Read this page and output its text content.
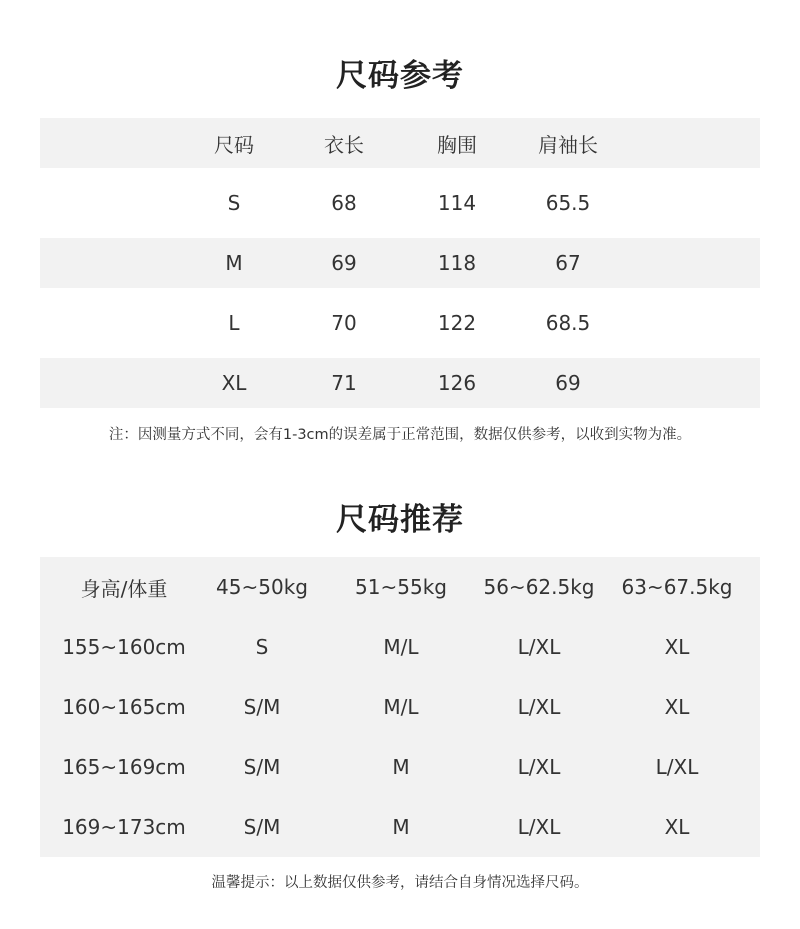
尺码参考
尺码	衣长	胸围	肩袖长
S	68	114	65.5
M	69	118	67
L	70	122	68.5
XL	71	126	69
注：因测量方式不同，会有1-3cm的误差属于正常范围，数据仅供参考，以收到实物为准。
尺码推荐
身高/体重	45~50kg	51~55kg	56~62.5kg	63~67.5kg
155~160cm	S	M/L	L/XL	XL
160~165cm	S/M	M/L	L/XL	XL
165~169cm	S/M	M	L/XL	L/XL
169~173cm	S/M	M	L/XL	XL
温馨提示：以上数据仅供参考，请结合自身情况选择尺码。
